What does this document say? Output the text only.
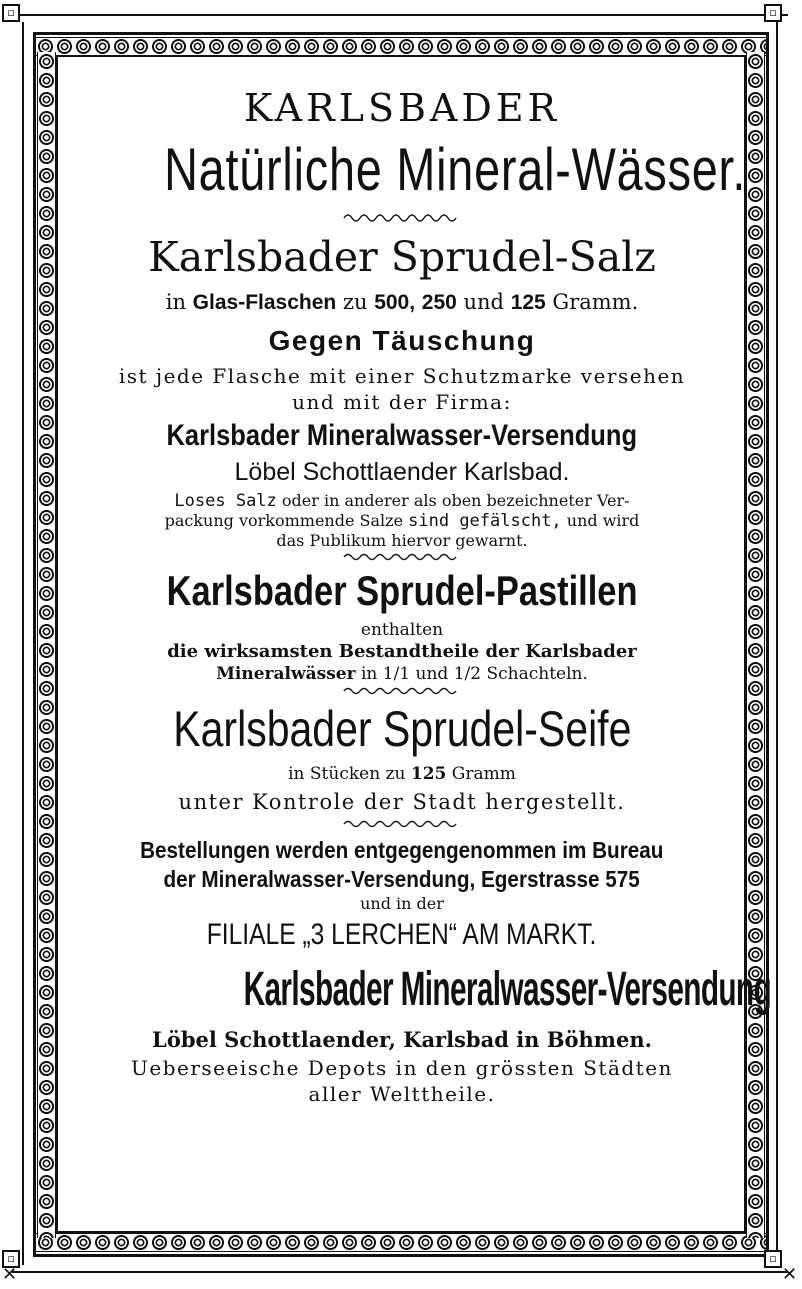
◻	◻
◻	◻
✕	✕
KARLSBADER
Natürliche Mineral-Wässer.
Karlsbader Sprudel-Salz
in Glas-Flaschen zu 500, 250 und 125 Gramm.
Gegen Täuschung
ist jede Flasche mit einer Schutzmarke versehen
und mit der Firma:
Karlsbader Mineralwasser-Versendung
Löbel Schottlaender Karlsbad.
Loses Salz oder in anderer als oben bezeichneter Ver-
packung vorkommende Salze sind gefälscht, und wird
das Publikum hiervor gewarnt.
Karlsbader Sprudel-Pastillen
enthalten
die wirksamsten Bestandtheile der Karlsbader
Mineralwässer in 1/1 und 1/2 Schachteln.
Karlsbader Sprudel-Seife
in Stücken zu 125 Gramm
unter Kontrole der Stadt hergestellt.
Bestellungen werden entgegengenommen im Bureau
der Mineralwasser-Versendung, Egerstrasse 575
und in der
FILIALE „3 LERCHEN“ AM MARKT.
Karlsbader Mineralwasser-Versendung
Löbel Schottlaender, Karlsbad in Böhmen.
Ueberseeische Depots in den grössten Städten
aller Welttheile.
